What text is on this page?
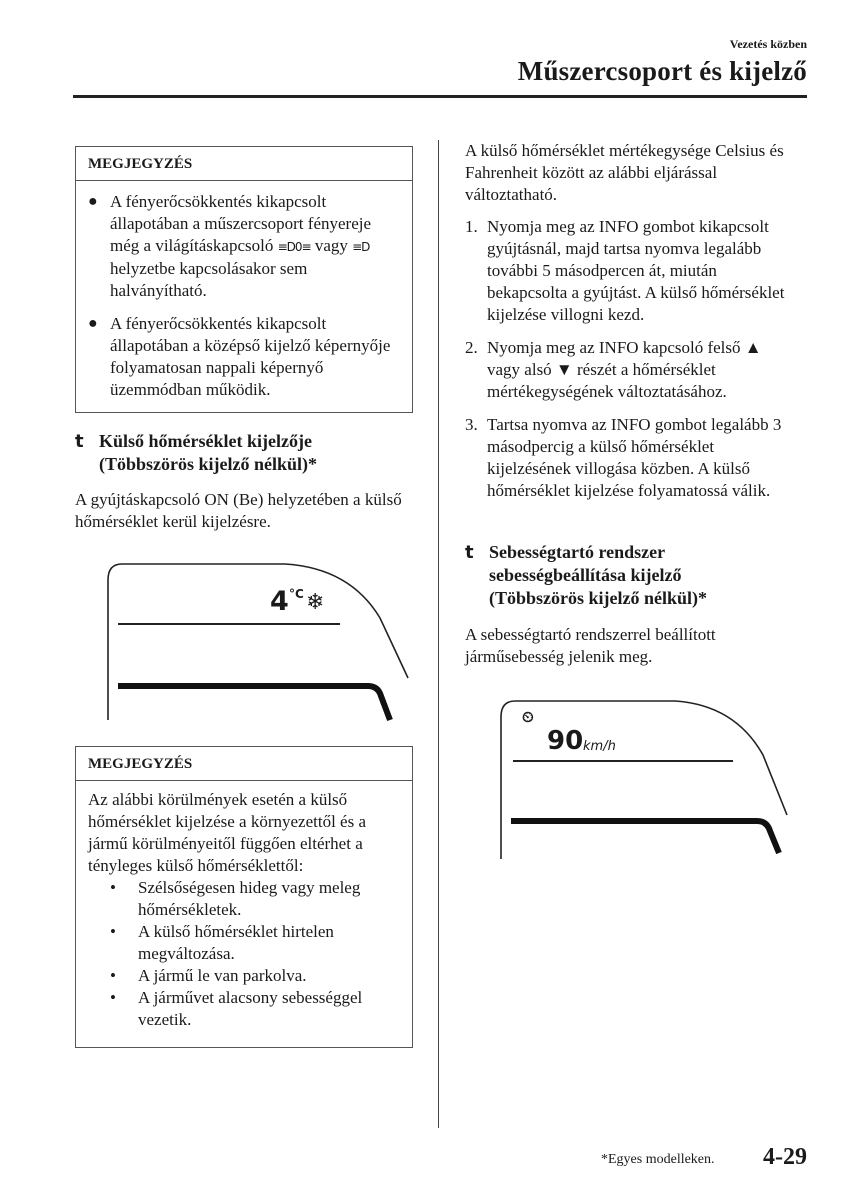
Vezetés közben
Műszercsoport és kijelző
MEGJEGYZÉS
● A fényerőcsökkentés kikapcsolt állapotában a műszercsoport fényereje még a világításkapcsoló ≡D0≡ vagy ≡D helyzetbe kapcsolásakor sem halványítható.
● A fényerőcsökkentés kikapcsolt állapotában a középső kijelző képernyője folyamatosan nappali képernyő üzemmódban működik.
t Külső hőmérséklet kijelzője
(Többszörös kijelző nélkül)*
A gyújtáskapcsoló ON (Be) helyzetében a külső hőmérséklet kerül kijelzésre.
4 °C ❄
MEGJEGYZÉS
Az alábbi körülmények esetén a külső hőmérséklet kijelzése a környezettől és a jármű körülményeitől függően eltérhet a tényleges külső hőmérséklettől:
•	Szélsőségesen hideg vagy meleg hőmérsékletek.
•	A külső hőmérséklet hirtelen megváltozása.
•	A jármű le van parkolva.
•	A járművet alacsony sebességgel vezetik.
A külső hőmérséklet mértékegysége Celsius és Fahrenheit között az alábbi eljárással változtatható.
1. Nyomja meg az INFO gombot kikapcsolt gyújtásnál, majd tartsa nyomva legalább további 5 másodpercen át, miután bekapcsolta a gyújtást. A külső hőmérséklet kijelzése villogni kezd.
2. Nyomja meg az INFO kapcsoló felső ▲ vagy alsó ▼ részét a hőmérséklet mértékegységének változtatásához.
3. Tartsa nyomva az INFO gombot legalább 3 másodpercig a külső hőmérséklet kijelzésének villogása közben. A külső hőmérséklet kijelzése folyamatossá válik.
t Sebességtartó rendszer
sebességbeállítása kijelző
(Többszörös kijelző nélkül)*
A sebességtartó rendszerrel beállított járműsebesség jelenik meg.
⏲
90 km/h
*Egyes modelleken. 4-29
